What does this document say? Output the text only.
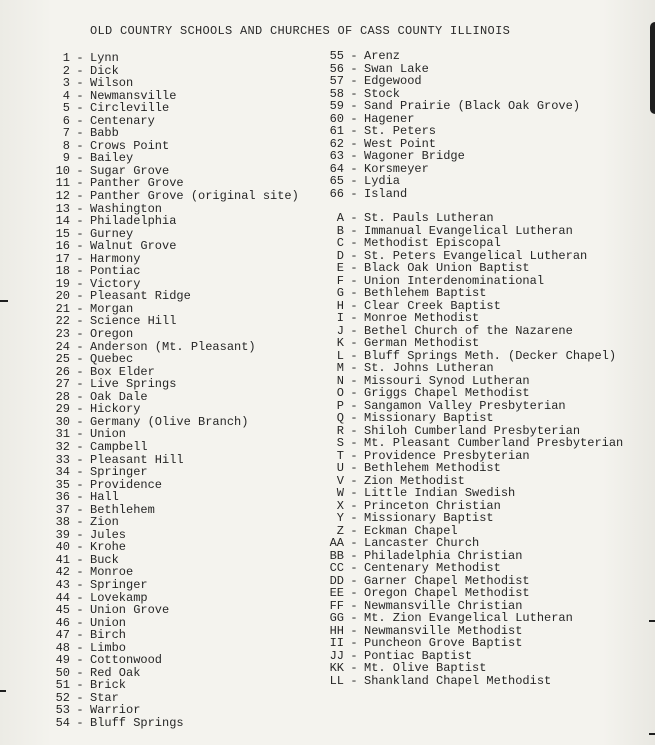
OLD COUNTRY SCHOOLS AND CHURCHES OF CASS COUNTY ILLINOIS
1 - Lynn
2 - Dick
3 - Wilson
4 - Newmansville
5 - Circleville
6 - Centenary
7 - Babb
8 - Crows Point
9 - Bailey
10 - Sugar Grove
11 - Panther Grove
12 - Panther Grove (original site)
13 - Washington
14 - Philadelphia
15 - Gurney
16 - Walnut Grove
17 - Harmony
18 - Pontiac
19 - Victory
20 - Pleasant Ridge
21 - Morgan
22 - Science Hill
23 - Oregon
24 - Anderson (Mt. Pleasant)
25 - Quebec
26 - Box Elder
27 - Live Springs
28 - Oak Dale
29 - Hickory
30 - Germany (Olive Branch)
31 - Union
32 - Campbell
33 - Pleasant Hill
34 - Springer
35 - Providence
36 - Hall
37 - Bethlehem
38 - Zion
39 - Jules
40 - Krohe
41 - Buck
42 - Monroe
43 - Springer
44 - Lovekamp
45 - Union Grove
46 - Union
47 - Birch
48 - Limbo
49 - Cottonwood
50 - Red Oak
51 - Brick
52 - Star
53 - Warrior
54 - Bluff Springs
55 - Arenz
56 - Swan Lake
57 - Edgewood
58 - Stock
59 - Sand Prairie (Black Oak Grove)
60 - Hagener
61 - St. Peters
62 - West Point
63 - Wagoner Bridge
64 - Korsmeyer
65 - Lydia
66 - Island
A - St. Pauls Lutheran
B - Immanual Evangelical Lutheran
C - Methodist Episcopal
D - St. Peters Evangelical Lutheran
E - Black Oak Union Baptist
F - Union Interdenominational
G - Bethlehem Baptist
H - Clear Creek Baptist
I - Monroe Methodist
J - Bethel Church of the Nazarene
K - German Methodist
L - Bluff Springs Meth. (Decker Chapel)
M - St. Johns Lutheran
N - Missouri Synod Lutheran
O - Griggs Chapel Methodist
P - Sangamon Valley Presbyterian
Q - Missionary Baptist
R - Shiloh Cumberland Presbyterian
S - Mt. Pleasant Cumberland Presbyterian
T - Providence Presbyterian
U - Bethlehem Methodist
V - Zion Methodist
W - Little Indian Swedish
X - Princeton Christian
Y - Missionary Baptist
Z - Eckman Chapel
AA - Lancaster Church
BB - Philadelphia Christian
CC - Centenary Methodist
DD - Garner Chapel Methodist
EE - Oregon Chapel Methodist
FF - Newmansville Christian
GG - Mt. Zion Evangelical Lutheran
HH - Newmansville Methodist
II - Puncheon Grove Baptist
JJ - Pontiac Baptist
KK - Mt. Olive Baptist
LL - Shankland Chapel Methodist
